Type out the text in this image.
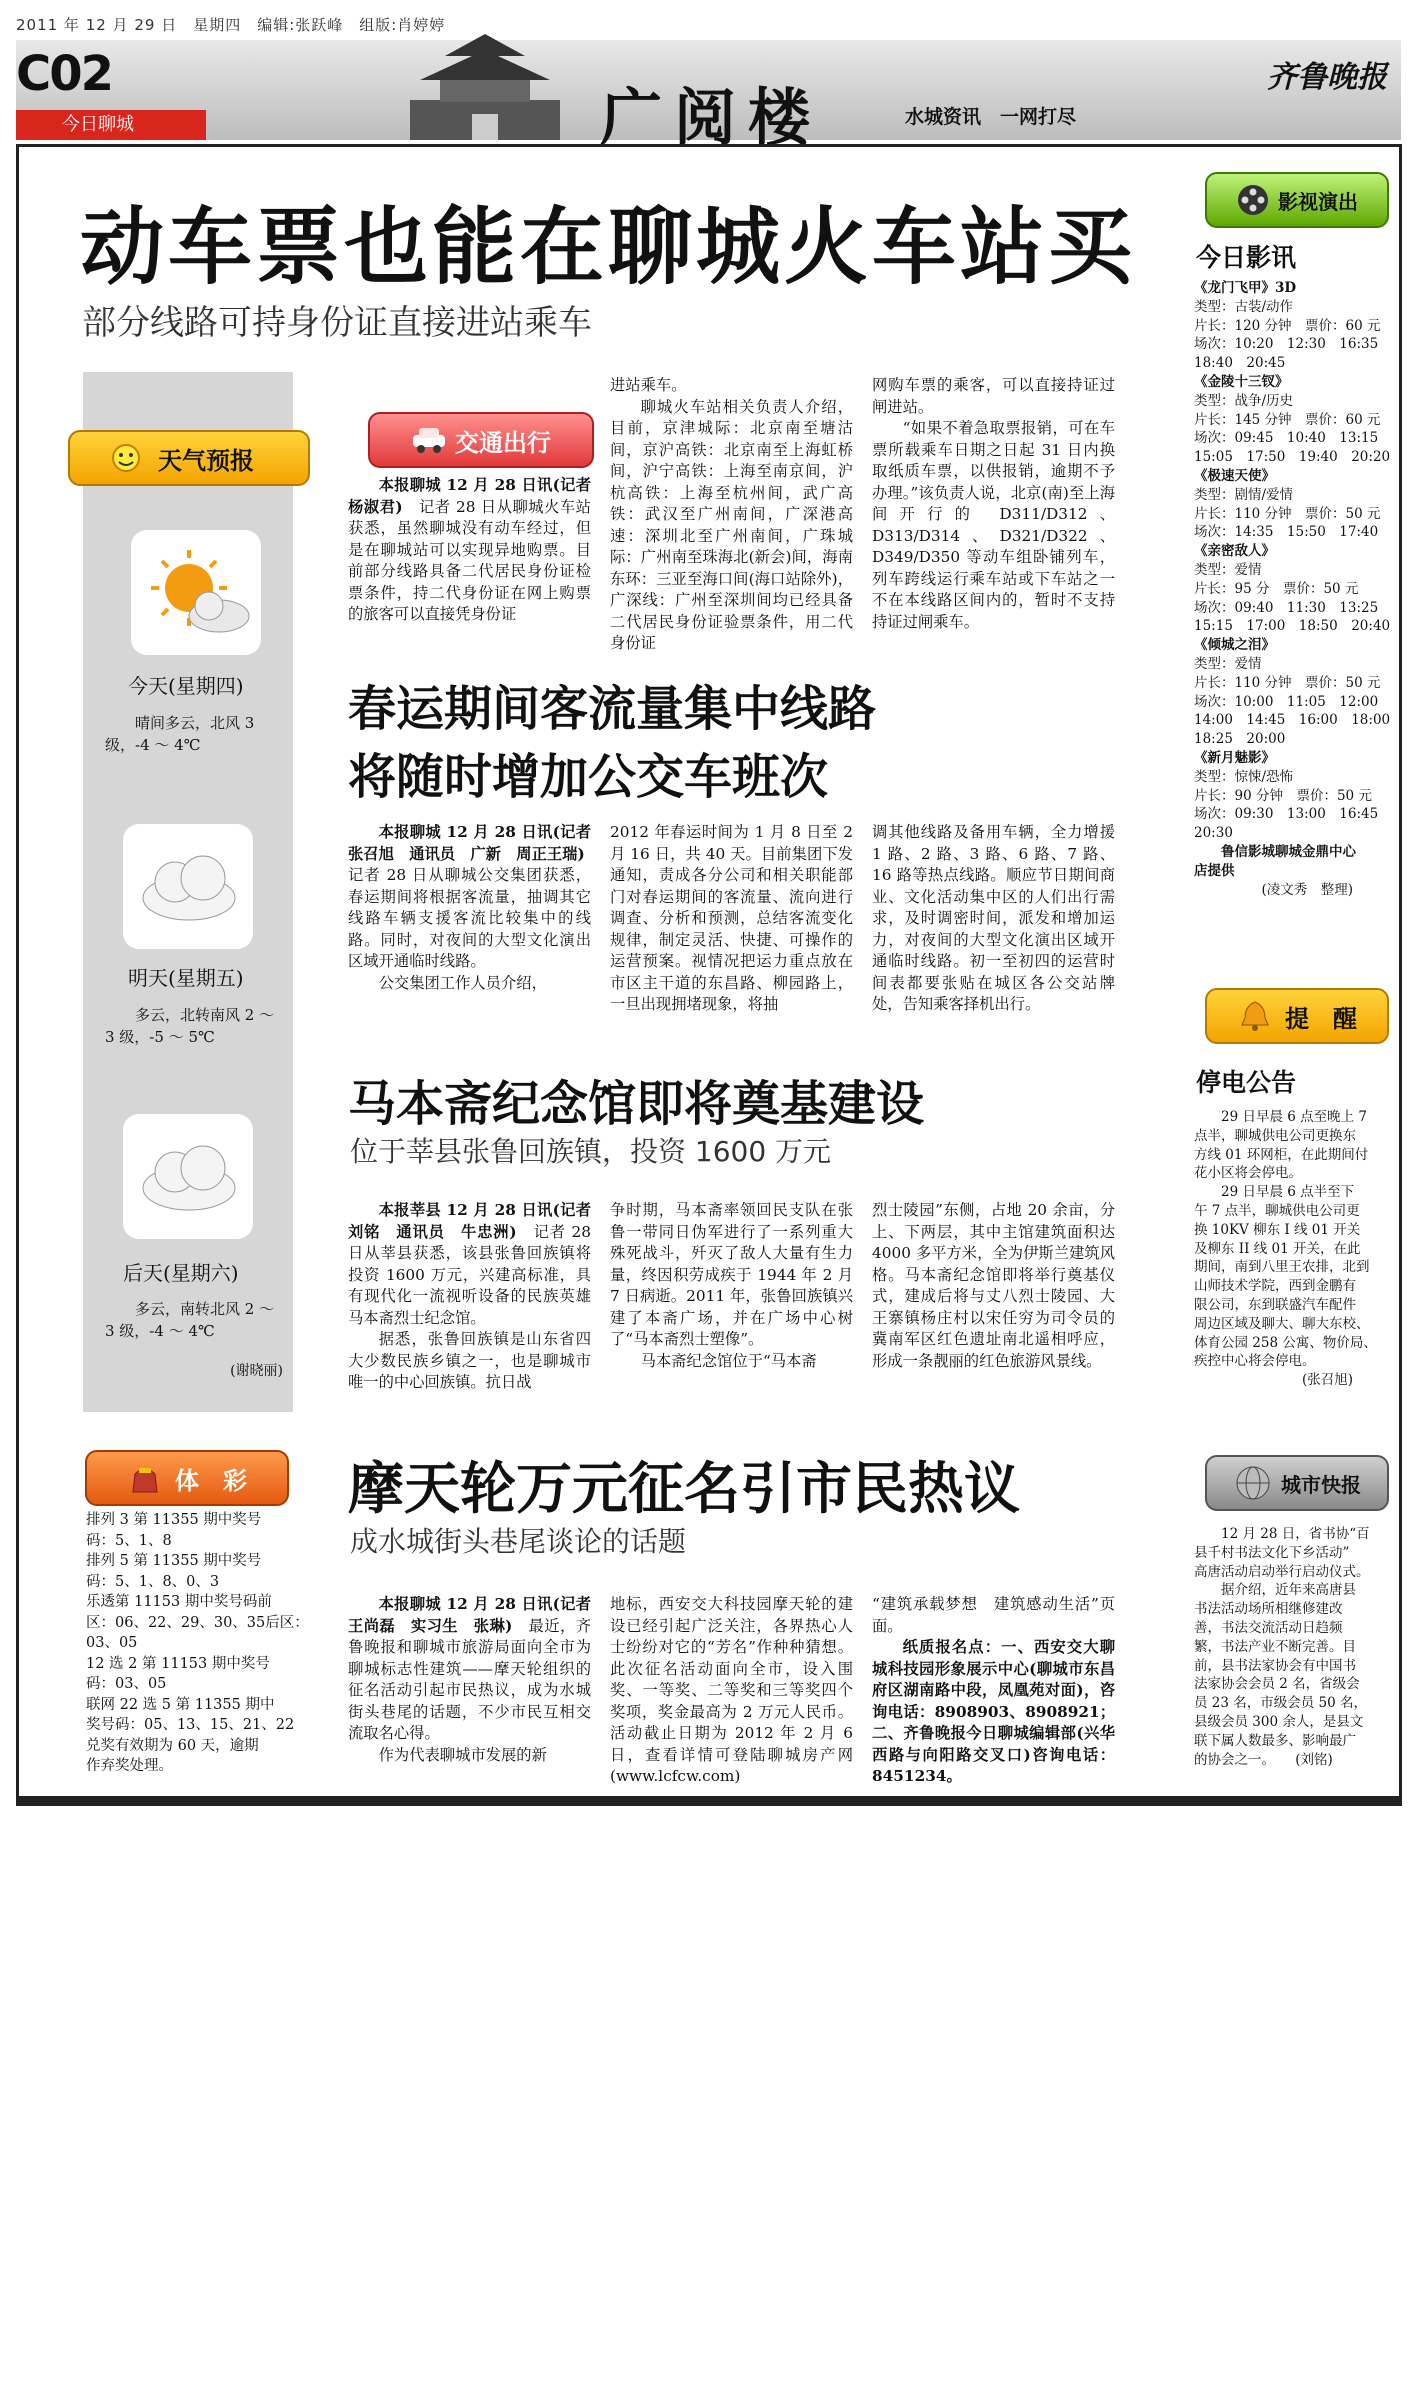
2011 年 12 月 29 日　星期四　编辑:张跃峰　组版:肖婷婷
C02
今日聊城	广阅楼	水城资讯　一网打尽
齐鲁晚报
动车票也能在聊城火车站买
部分线路可持身份证直接进站乘车
交通出行

本报聊城 12 月 28 日讯(记者杨淑君)　记者 28 日从聊城火车站获悉，虽然聊城没有动车经过，但是在聊城站可以实现异地购票。目前部分线路具备二代居民身份证检票条件，持二代身份证在网上购票的旅客可以直接凭身份证

进站乘车。

聊城火车站相关负责人介绍，目前，京津城际：北京南至塘沽间，京沪高铁：北京南至上海虹桥间，沪宁高铁：上海至南京间，沪杭高铁：上海至杭州间，武广高铁：武汉至广州南间，广深港高速：深圳北至广州南间，广珠城际：广州南至珠海北(新会)间，海南东环：三亚至海口间(海口站除外)，广深线：广州至深圳间均已经具备二代居民身份证验票条件，用二代身份证

网购车票的乘客，可以直接持证过闸进站。

“如果不着急取票报销，可在车票所载乘车日期之日起 31 日内换取纸质车票，以供报销，逾期不予办理。”该负责人说，北京(南)至上海间开行的 D311/D312、D313/D314、D321/D322、D349/D350 等动车组卧铺列车，列车跨线运行乘车站或下车站之一不在本线路区间内的，暂时不支持持证过闸乘车。

春运期间客流量集中线路
将随时增加公交车班次

本报聊城 12 月 28 日讯(记者 张召旭　通讯员　广新　周正王瑞)　记者 28 日从聊城公交集团获悉，春运期间将根据客流量，抽调其它线路车辆支援客流比较集中的线路。同时，对夜间的大型文化演出区域开通临时线路。

公交集团工作人员介绍，

2012 年春运时间为 1 月 8 日至 2 月 16 日，共 40 天。目前集团下发通知，责成各分公司和相关职能部门对春运期间的客流量、流向进行调查、分析和预测，总结客流变化规律，制定灵活、快捷、可操作的运营预案。视情况把运力重点放在市区主干道的东昌路、柳园路上，一旦出现拥堵现象，将抽

调其他线路及备用车辆，全力增援 1 路、2 路、3 路、6 路、7 路、16 路等热点线路。顺应节日期间商业、文化活动集中区的人们出行需求，及时调密时间，派发和增加运力，对夜间的大型文化演出区域开通临时线路。初一至初四的运营时间表都要张贴在城区各公交站牌处，告知乘客择机出行。

马本斋纪念馆即将奠基建设
位于莘县张鲁回族镇，投资 1600 万元

本报莘县 12 月 28 日讯(记者 刘铭　通讯员　牛忠洲)　记者 28 日从莘县获悉，该县张鲁回族镇将投资 1600 万元，兴建高标准，具有现代化一流视听设备的民族英雄马本斋烈士纪念馆。

据悉，张鲁回族镇是山东省四大少数民族乡镇之一，也是聊城市唯一的中心回族镇。抗日战

争时期，马本斋率领回民支队在张鲁一带同日伪军进行了一系列重大殊死战斗，歼灭了敌人大量有生力量，终因积劳成疾于 1944 年 2 月 7 日病逝。2011 年，张鲁回族镇兴建了本斋广场，并在广场中心树了“马本斋烈士塑像”。

马本斋纪念馆位于“马本斋

烈士陵园”东侧，占地 20 余亩，分上、下两层，其中主馆建筑面积达 4000 多平方米，全为伊斯兰建筑风格。马本斋纪念馆即将举行奠基仪式，建成后将与丈八烈士陵园、大王寨镇杨庄村以宋任穷为司令员的冀南军区红色遗址南北遥相呼应，形成一条靓丽的红色旅游风景线。

摩天轮万元征名引市民热议
成水城街头巷尾谈论的话题

本报聊城 12 月 28 日讯(记者　王尚磊　实习生　张琳)　最近，齐鲁晚报和聊城市旅游局面向全市为聊城标志性建筑——摩天轮组织的征名活动引起市民热议，成为水城街头巷尾的话题，不少市民互相交流取名心得。

作为代表聊城市发展的新

地标，西安交大科技园摩天轮的建设已经引起广泛关注，各界热心人士纷纷对它的“芳名”作种种猜想。此次征名活动面向全市，设入围奖、一等奖、二等奖和三等奖四个奖项，奖金最高为 2 万元人民币。活动截止日期为 2012 年 2 月 6 日，查看详情可登陆聊城房产网(www.lcfcw.com)

“建筑承载梦想　建筑感动生活”页面。

纸质报名点：一、西安交大聊城科技园形象展示中心(聊城市东昌府区湖南路中段，凤凰苑对面)，咨询电话：8908903、8908921；二、齐鲁晚报今日聊城编辑部(兴华西路与向阳路交叉口)咨询电话：8451234。

今天(星期四)
晴间多云，北风 3 级，-4 ～ 4℃
明天(星期五)
多云，北转南风 2 ～ 3 级，-5 ～ 5℃
后天(星期六)
多云，南转北风 2 ～ 3 级，-4 ～ 4℃
(谢晓丽)
天气预报
体　彩
排列 3 第 11355 期中奖号
码：5、1、8
排列 5 第 11355 期中奖号
码：5、1、8、0、3
乐透第 11153 期中奖号码前
区：06、22、29、30、35后区：
03、05
12 选 2 第 11153 期中奖号
码：03、05
联网 22 选 5 第 11355 期中
奖号码：05、13、15、21、22
兑奖有效期为 60 天，逾期
作弃奖处理。
影视演出
今日影讯
《龙门飞甲》3D
类型：古装/动作
片长：120 分钟　票价：60 元
场次：10:20　12:30　16:35
18:40　20:45
《金陵十三钗》
类型：战争/历史
片长：145 分钟　票价：60 元
场次：09:45　10:40　13:15
15:05　17:50　19:40　20:20
《极速天使》
类型：剧情/爱情
片长：110 分钟　票价：50 元
场次：14:35　15:50　17:40
《亲密敌人》
类型：爱情
片长：95 分　票价：50 元
场次：09:40　11:30　13:25
15:15　17:00　18:50　20:40
《倾城之泪》
类型：爱情
片长：110 分钟　票价：50 元
场次：10:00　11:05　12:00
14:00　14:45　16:00　18:00
18:25　20:00
《新月魅影》
类型：惊悚/恐怖
片长：90 分钟　票价：50 元
场次：09:30　13:00　16:45
20:30
　　鲁信影城聊城金鼎中心
店提供
　　　　　(凌文秀　整理)
提　醒
停电公告
　　29 日早晨 6 点至晚上 7
点半，聊城供电公司更换东
方线 01 环网柜，在此期间付
花小区将会停电。
　　29 日早晨 6 点半至下
午 7 点半，聊城供电公司更
换 10KV 柳东 I 线 01 开关
及柳东 II 线 01 开关，在此
期间，南到八里王农排，北到
山师技术学院，西到金鹏有
限公司，东到联盛汽车配件
周边区域及聊大、聊大东校、
体育公园 258 公寓、物价局、
疾控中心将会停电。
　　　　　　　　(张召旭)
城市快报
　　12 月 28 日，省书协“百
县千村书法文化下乡活动”
高唐活动启动举行启动仪式。
　　据介绍，近年来高唐县
书法活动场所相继修建改
善，书法交流活动日趋频
繁，书法产业不断完善。目
前，县书法家协会有中国书
法家协会会员 2 名，省级会
员 23 名，市级会员 50 名，
县级会员 300 余人，是县文
联下属人数最多、影响最广
的协会之一。　　(刘铭)
